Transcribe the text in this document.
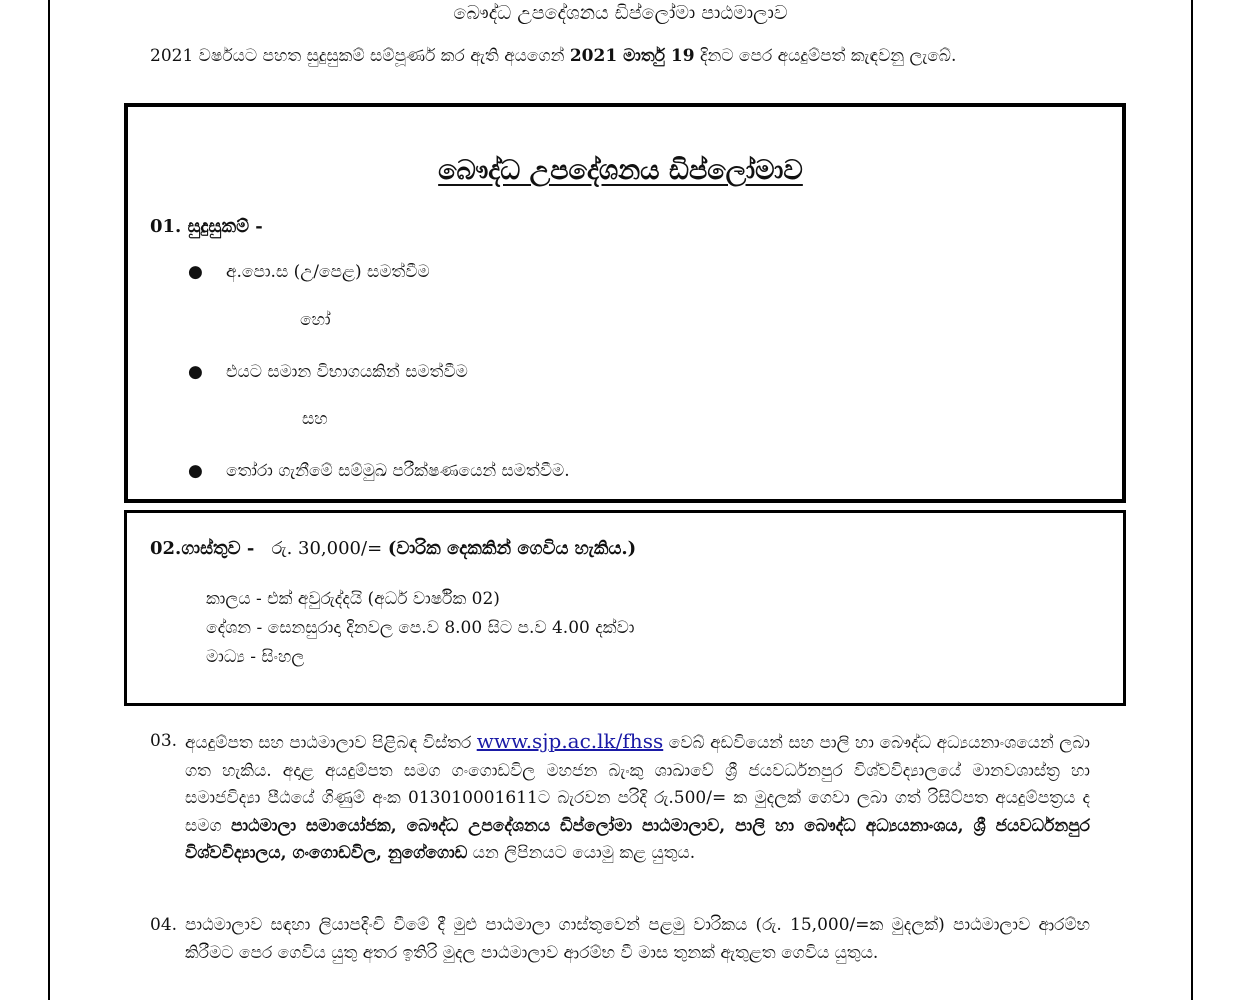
බෞද්ධ උපදේශනය ඩිප්ලෝමා පාඨමාලාව
2021 වර්ෂයට පහත සුදුසුකම් සම්පූර්ණ කර ඇති අයගෙන් 2021 මාර්තු 19 දිනට පෙර අයදුම්පත් කැඳවනු ලැබේ.
බෞද්ධ උපදේශනය ඩිප්ලෝමාව
01. සුදුසුකම් -
● අ.පො.ස (උ/පෙළ) සමත්වීම
හෝ
● එයට සමාන විභාගයකින් සමත්වීම
සහ
● තෝරා ගැනීමේ සම්මුඛ පරීක්ෂණයෙන් සමත්වීම.
02.ගාස්තුව - රු. 30,000/= (වාරික දෙකකින් ගෙවිය හැකිය.)
කාලය - එක් අවුරුද්දයි (අර්ධ වාර්ෂික 02)
දේශන - සෙනසුරාදා දිනවල පෙ.ව 8.00 සිට ප.ව 4.00 දක්වා
මාධ්‍ය - සිංහල
03. අයදුම්පත සහ පාඨමාලාව පිළිබඳ විස්තර www.sjp.ac.lk/fhss වෙබ් අඩවියෙන් සහ පාලි හා බෞද්ධ අධ්‍යයනාංශයෙන් ලබා ගත හැකිය. අදාළ අයදුම්පත සමග ගංගොඩවිල මහජන බැංකු ශාඛාවේ ශ්‍රී ජයවර්ධනපුර විශ්වවිද්‍යාලයේ මානවශාස්ත්‍ර හා සමාජවිද්‍යා පීඨයේ ගිණුම් අංක 013010001611ට බැරවන පරිදි රු.500/= ක මුදලක් ගෙවා ලබා ගත් රිසිට්පත අයදුම්පත්‍රය ද සමග පාඨමාලා සමායෝජක, බෞද්ධ උපදේශනය ඩිප්ලෝමා පාඨමාලාව, පාලි හා බෞද්ධ අධ්‍යයනාංශය, ශ්‍රී ජයවර්ධනපුර විශ්වවිද්‍යාලය, ගංගොඩවිල, නුගේගොඩ යන ලිපිනයට යොමු කළ යුතුය.
04. පාඨමාලාව සඳහා ලියාපදිංචි වීමේ දී මුළු පාඨමාලා ගාස්තුවෙන් පළමු වාරිකය (රු. 15,000/=ක මුදලක්) පාඨමාලාව ආරම්භ කිරීමට පෙර ගෙවිය යුතු අතර ඉතිරි මුදල පාඨමාලාව ආරම්භ වී මාස තුනක් ඇතුළත ගෙවිය යුතුය.
